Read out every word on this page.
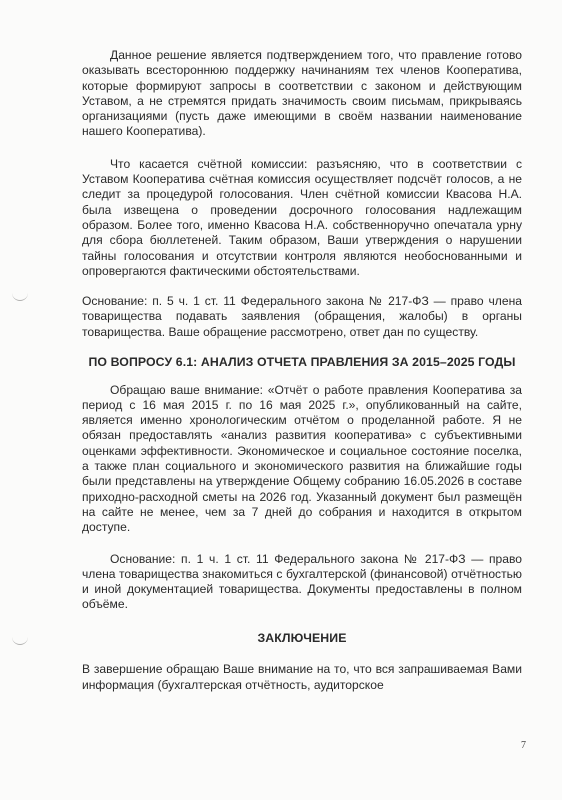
Данное решение является подтверждением того, что правление готово оказывать всестороннюю поддержку начинаниям тех членов Кооператива, которые формируют запросы в соответствии с законом и действующим Уставом, а не стремятся придать значимость своим письмам, прикрываясь организациями (пусть даже имеющими в своём названии наименование нашего Кооператива).

Что касается счётной комиссии: разъясняю, что в соответствии с Уставом Кооператива счётная комиссия осуществляет подсчёт голосов, а не следит за процедурой голосования. Член счётной комиссии Квасова Н.А. была извещена о проведении досрочного голосования надлежащим образом. Более того, именно Квасова Н.А. собственноручно опечатала урну для сбора бюллетеней. Таким образом, Ваши утверждения о нарушении тайны голосования и отсутствии контроля являются необоснованными и опровергаются фактическими обстоятельствами.

Основание: п. 5 ч. 1 ст. 11 Федерального закона № 217-ФЗ — право члена товарищества подавать заявления (обращения, жалобы) в органы товарищества. Ваше обращение рассмотрено, ответ дан по существу.

ПО ВОПРОСУ 6.1: АНАЛИЗ ОТЧЕТА ПРАВЛЕНИЯ ЗА 2015–2025 ГОДЫ

Обращаю ваше внимание: «Отчёт о работе правления Кооператива за период с 16 мая 2015 г. по 16 мая 2025 г.», опубликованный на сайте, является именно хронологическим отчётом о проделанной работе. Я не обязан предоставлять «анализ развития кооператива» с субъективными оценками эффективности. Экономическое и социальное состояние поселка, а также план социального и экономического развития на ближайшие годы были представлены на утверждение Общему собранию 16.05.2026 в составе приходно-расходной сметы на 2026 год. Указанный документ был размещён на сайте не менее, чем за 7 дней до собрания и находится в открытом доступе.

Основание: п. 1 ч. 1 ст. 11 Федерального закона № 217-ФЗ — право члена товарищества знакомиться с бухгалтерской (финансовой) отчётностью и иной документацией товарищества. Документы предоставлены в полном объёме.

ЗАКЛЮЧЕНИЕ

В завершение обращаю Ваше внимание на то, что вся запрашиваемая Вами информация (бухгалтерская отчётность, аудиторское

7
